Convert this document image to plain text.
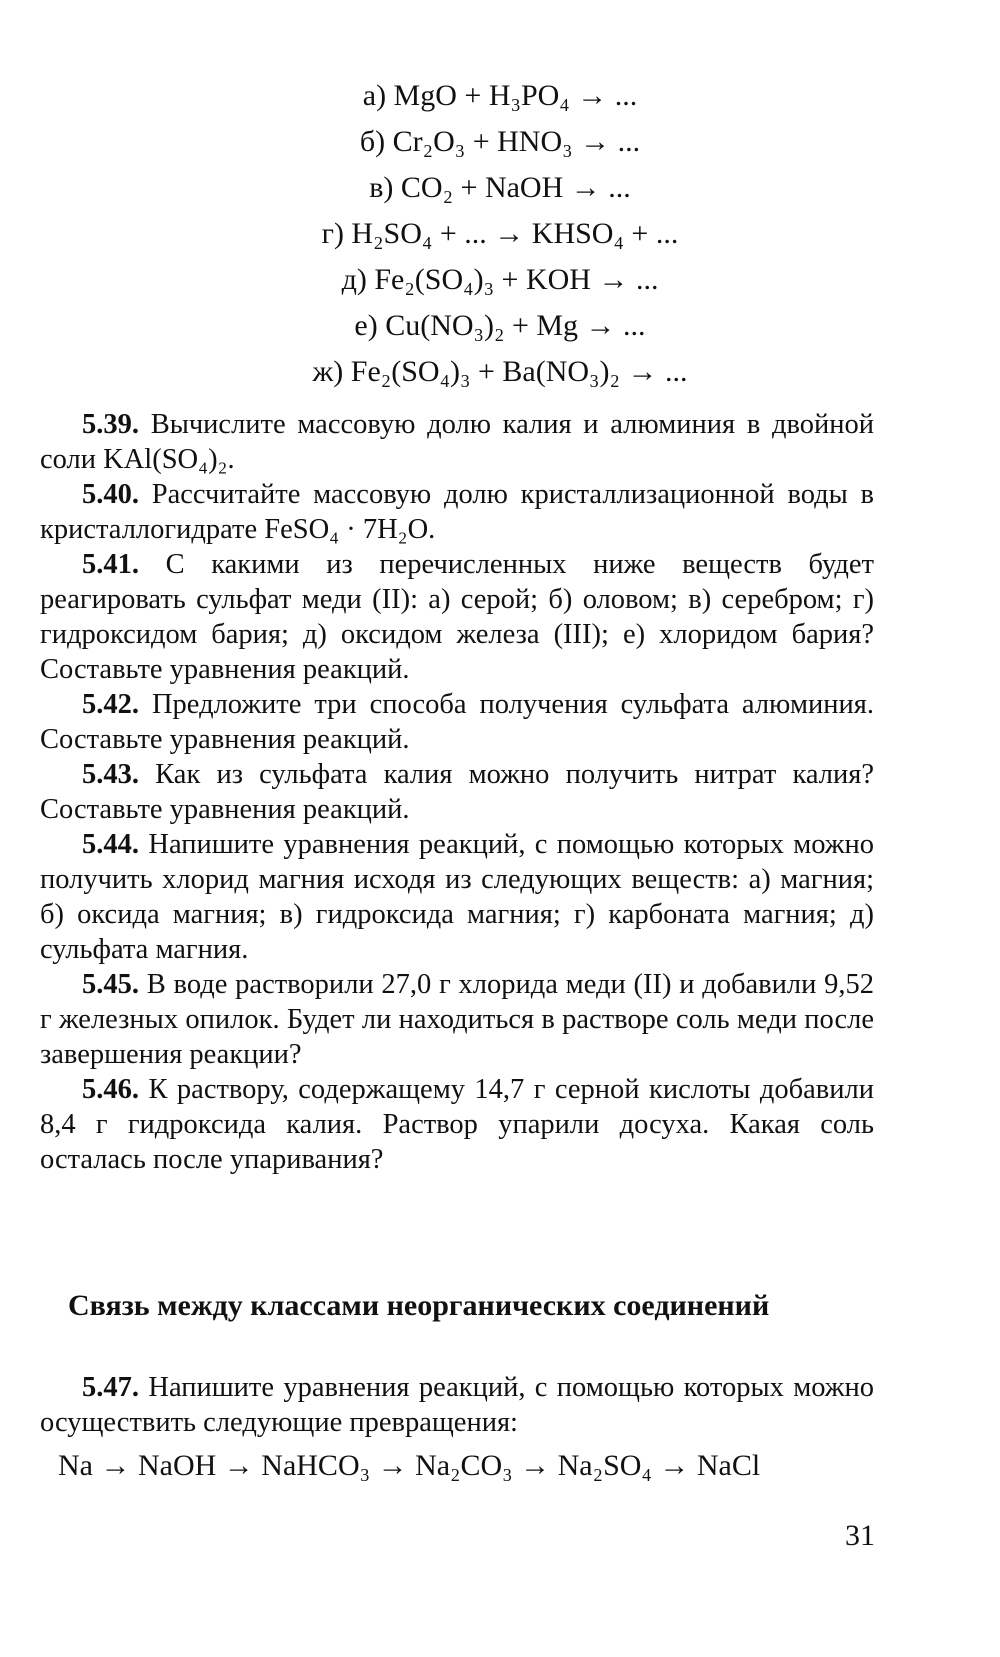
а) MgO + H₃PO₄ → ...
б) Cr₂O₃ + HNO₃ → ...
в) CO₂ + NaOH → ...
г) H₂SO₄ + ... → KHSO₄ + ...
д) Fe₂(SO₄)₃ + KOH → ...
е) Cu(NO₃)₂ + Mg → ...
ж) Fe₂(SO₄)₃ + Ba(NO₃)₂ → ...
5.39. Вычислите массовую долю калия и алюминия в двойной соли KAl(SO₄)₂.
5.40. Рассчитайте массовую долю кристаллизационной воды в кристаллогидрате FeSO₄ · 7H₂O.
5.41. С какими из перечисленных ниже веществ будет реагировать сульфат меди (II): а) серой; б) оловом; в) серебром; г) гидроксидом бария; д) оксидом железа (III); е) хлоридом бария? Составьте уравнения реакций.
5.42. Предложите три способа получения сульфата алюминия. Составьте уравнения реакций.
5.43. Как из сульфата калия можно получить нитрат калия? Составьте уравнения реакций.
5.44. Напишите уравнения реакций, с помощью которых можно получить хлорид магния исходя из следующих веществ: а) магния; б) оксида магния; в) гидроксида магния; г) карбоната магния; д) сульфата магния.
5.45. В воде растворили 27,0 г хлорида меди (II) и добавили 9,52 г железных опилок. Будет ли находиться в растворе соль меди после завершения реакции?
5.46. К раствору, содержащему 14,7 г серной кислоты добавили 8,4 г гидроксида калия. Раствор упарили досуха. Какая соль осталась после упаривания?
Связь между классами неорганических соединений
5.47. Напишите уравнения реакций, с помощью которых можно осуществить следующие превращения:
Na → NaOH → NaHCO₃ → Na₂CO₃ → Na₂SO₄ → NaCl
31
